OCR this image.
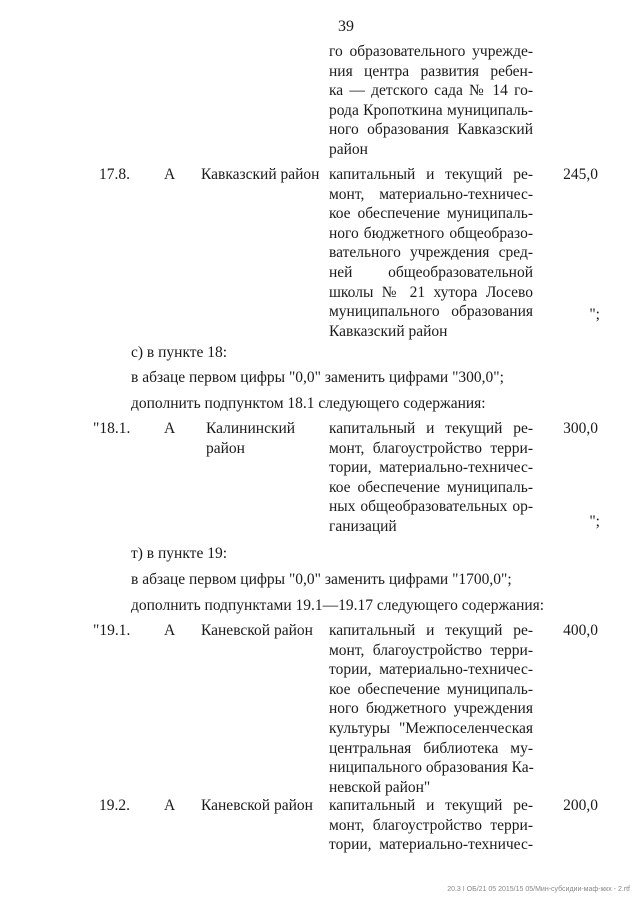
39
го образовательного учрежде-
ния центра развития ребен-
ка — детского сада № 14 го-
рода Кропоткина муниципаль-
ного образования Кавказский
район
17.8. А Кавказский район капитальный и текущий ре-
монт, материально-техничес-
кое обеспечение муниципаль-
ного бюджетного общеобразо-
вательного учреждения сред-
ней общеобразовательной
школы № 21 хутора Лосево
муниципального образования
Кавказский район
245,0
";
с) в пункте 18:
в абзаце первом цифры "0,0" заменить цифрами "300,0";
дополнить подпунктом 18.1 следующего содержания:
"18.1. А Калининский
район
капитальный и текущий ре-
монт, благоустройство терри-
тории, материально-техничес-
кое обеспечение муниципаль-
ных общеобразовательных ор-
ганизаций
300,0
";
т) в пункте 19:
в абзаце первом цифры "0,0" заменить цифрами "1700,0";
дополнить подпунктами 19.1—19.17 следующего содержания:
"19.1. А Каневской район капитальный и текущий ре-
монт, благоустройство терри-
тории, материально-техничес-
кое обеспечение муниципаль-
ного бюджетного учреждения
культуры "Межпоселенческая
центральная библиотека му-
ниципального образования Ка-
невской район"
400,0
19.2. А Каневской район капитальный и текущий ре-
монт, благоустройство терри-
тории, материально-техничес-
200,0
20.3 I ОБ/21 05 2015/15 05/Мин-субсидии-маф-жкх - 2.rtf
